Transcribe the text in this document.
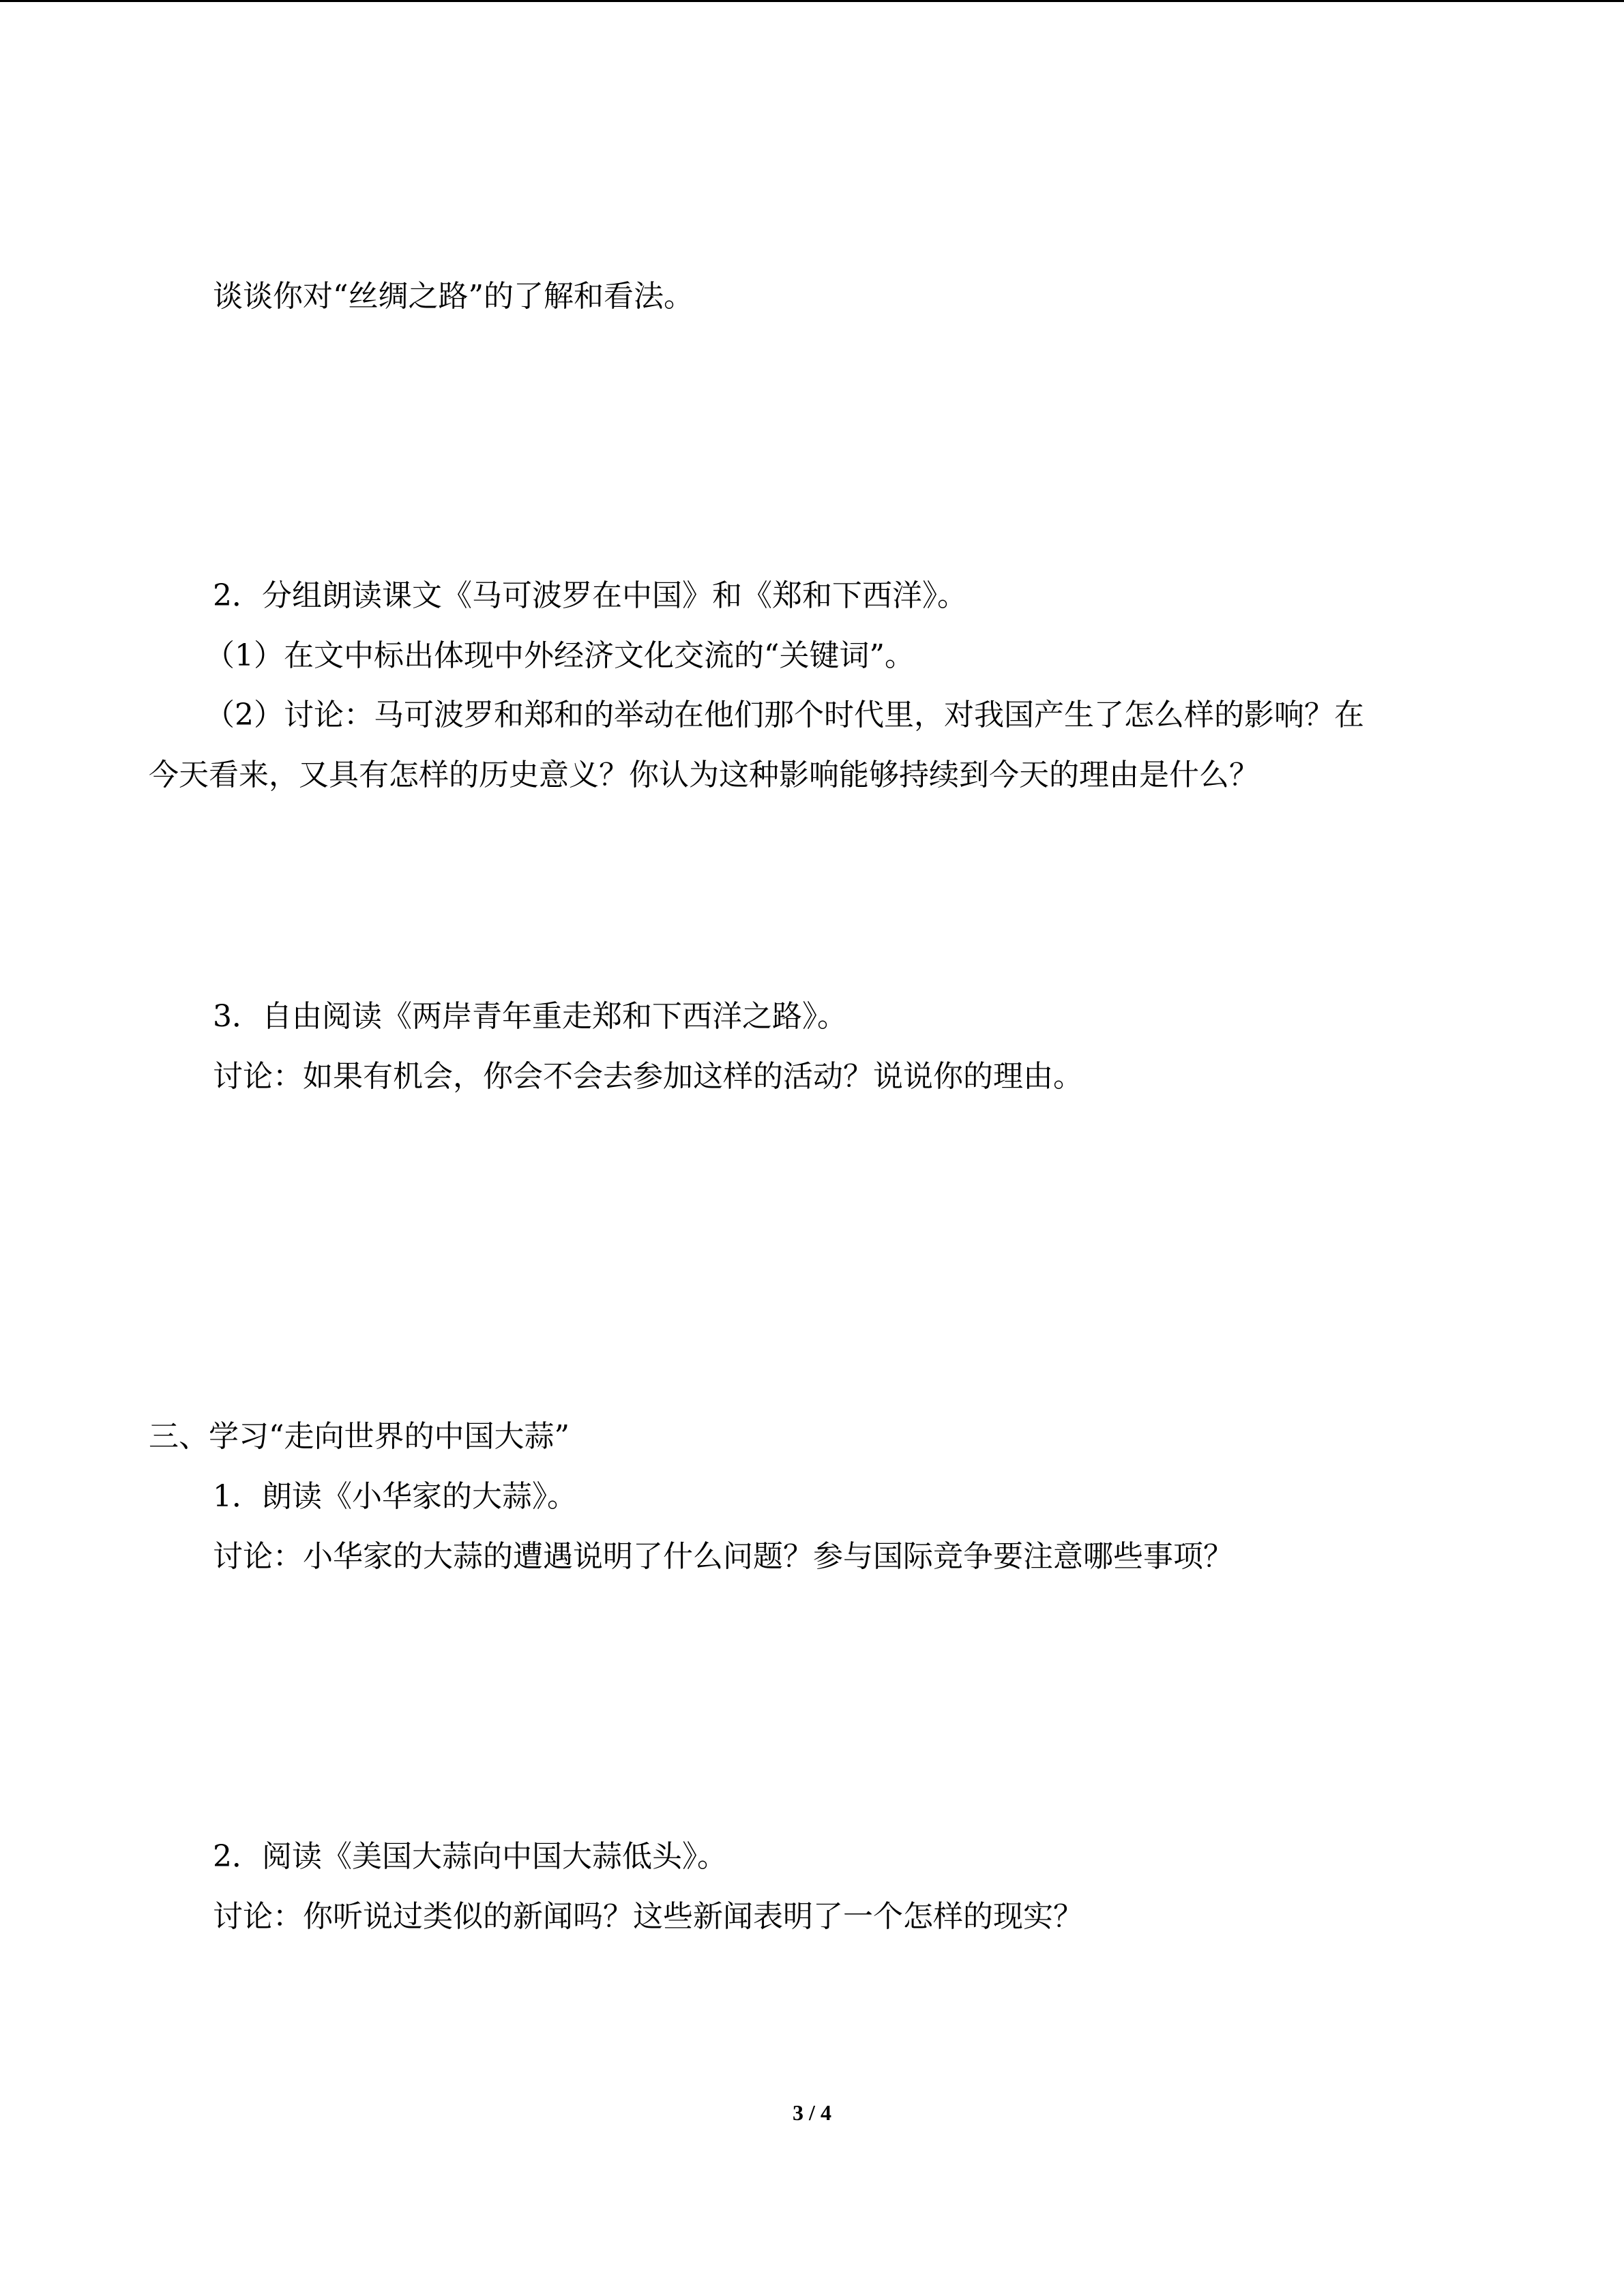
谈谈你对“丝绸之路”的了解和看法。
2．分组朗读课文《马可波罗在中国》和《郑和下西洋》。
（1）在文中标出体现中外经济文化交流的“关键词”。
（2）讨论：马可波罗和郑和的举动在他们那个时代里，对我国产生了怎么样的影响？在
今天看来，又具有怎样的历史意义？你认为这种影响能够持续到今天的理由是什么？
3．自由阅读《两岸青年重走郑和下西洋之路》。
讨论：如果有机会，你会不会去参加这样的活动？说说你的理由。
三、学习“走向世界的中国大蒜”
1．朗读《小华家的大蒜》。
讨论：小华家的大蒜的遭遇说明了什么问题？参与国际竞争要注意哪些事项？
2．阅读《美国大蒜向中国大蒜低头》。
讨论：你听说过类似的新闻吗？这些新闻表明了一个怎样的现实？
3 / 4
